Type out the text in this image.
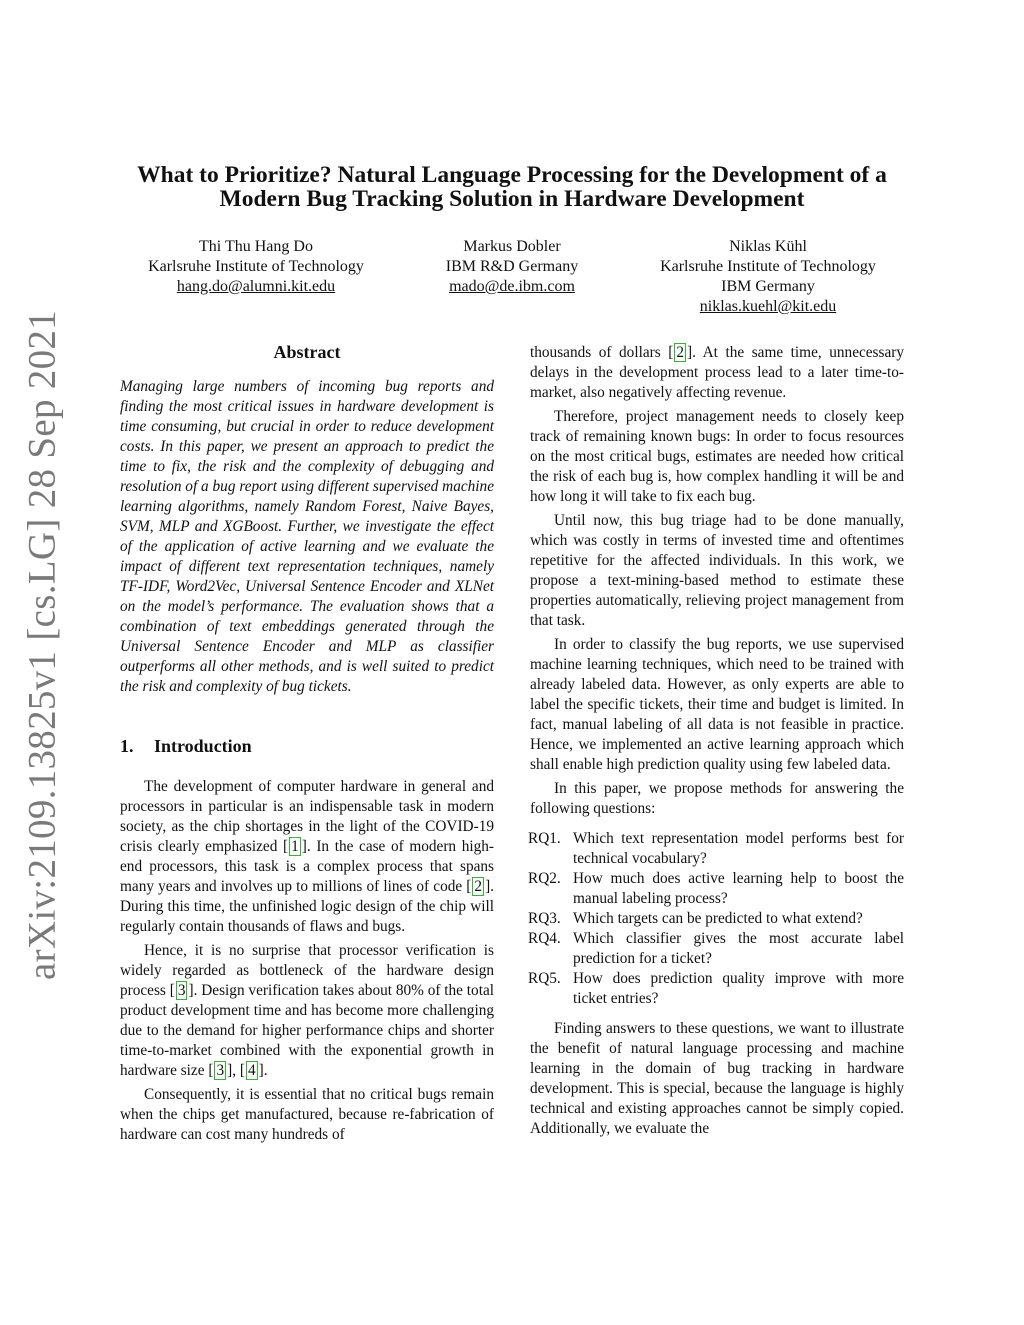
arXiv:2109.13825v1 [cs.LG] 28 Sep 2021
What to Prioritize? Natural Language Processing for the Development of a
Modern Bug Tracking Solution in Hardware Development
Thi Thu Hang Do
Karlsruhe Institute of Technology
hang.do@alumni.kit.edu
Markus Dobler
IBM R&D Germany
mado@de.ibm.com
Niklas Kühl
Karlsruhe Institute of Technology
IBM Germany
niklas.kuehl@kit.edu
Abstract

Managing large numbers of incoming bug reports and finding the most critical issues in hardware development is time consuming, but crucial in order to reduce development costs. In this paper, we present an approach to predict the time to fix, the risk and the complexity of debugging and resolution of a bug report using different supervised machine learning algorithms, namely Random Forest, Naive Bayes, SVM, MLP and XGBoost. Further, we investigate the effect of the application of active learning and we evaluate the impact of different text representation techniques, namely TF-IDF, Word2Vec, Universal Sentence Encoder and XLNet on the model’s performance. The evaluation shows that a combination of text embeddings generated through the Universal Sentence Encoder and MLP as classifier outperforms all other methods, and is well suited to predict the risk and complexity of bug tickets.

1. Introduction

The development of computer hardware in general and processors in particular is an indispensable task in modern society, as the chip shortages in the light of the COVID-19 crisis clearly emphasized [ 1 ]. In the case of modern high-end processors, this task is a complex process that spans many years and involves up to millions of lines of code [ 2 ]. During this time, the unfinished logic design of the chip will regularly contain thousands of flaws and bugs.

Hence, it is no surprise that processor verification is widely regarded as bottleneck of the hardware design process [ 3 ]. Design verification takes about 80% of the total product development time and has become more challenging due to the demand for higher performance chips and shorter time-to-market combined with the exponential growth in hardware size [ 3 ], [ 4 ].

Consequently, it is essential that no critical bugs remain when the chips get manufactured, because re-fabrication of hardware can cost many hundreds of

thousands of dollars [ 2 ]. At the same time, unnecessary delays in the development process lead to a later time-to-market, also negatively affecting revenue.

Therefore, project management needs to closely keep track of remaining known bugs: In order to focus resources on the most critical bugs, estimates are needed how critical the risk of each bug is, how complex handling it will be and how long it will take to fix each bug.

Until now, this bug triage had to be done manually, which was costly in terms of invested time and oftentimes repetitive for the affected individuals. In this work, we propose a text-mining-based method to estimate these properties automatically, relieving project management from that task.

In order to classify the bug reports, we use supervised machine learning techniques, which need to be trained with already labeled data. However, as only experts are able to label the specific tickets, their time and budget is limited. In fact, manual labeling of all data is not feasible in practice. Hence, we implemented an active learning approach which shall enable high prediction quality using few labeled data.

In this paper, we propose methods for answering the following questions:

RQ1. Which text representation model performs best for technical vocabulary?
RQ2. How much does active learning help to boost the manual labeling process?
RQ3. Which targets can be predicted to what extend?
RQ4. Which classifier gives the most accurate label prediction for a ticket?
RQ5. How does prediction quality improve with more ticket entries?

Finding answers to these questions, we want to illustrate the benefit of natural language processing and machine learning in the domain of bug tracking in hardware development. This is special, because the language is highly technical and existing approaches cannot be simply copied. Additionally, we evaluate the
